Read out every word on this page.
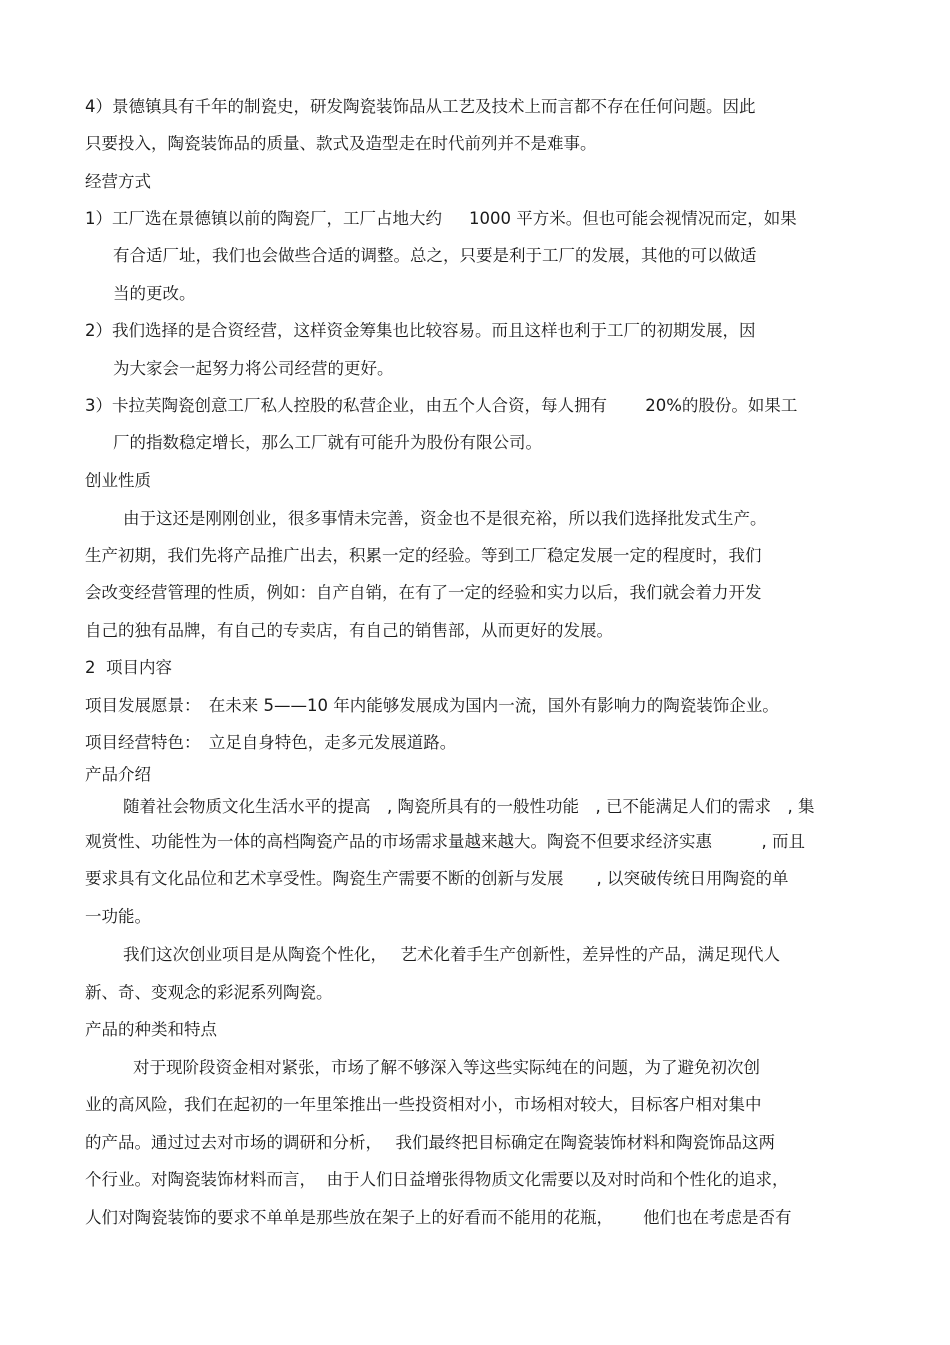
4）景德镇具有千年的制瓷史，研发陶瓷装饰品从工艺及技术上而言都不存在任何问题。因此
只要投入，陶瓷装饰品的质量、款式及造型走在时代前列并不是难事。
经营方式
1）工厂选在景德镇以前的陶瓷厂，工厂占地大约　  1000 平方米。但也可能会视情况而定，如果
有合适厂址，我们也会做些合适的调整。总之，只要是利于工厂的发展，其他的可以做适
当的更改。
2）我们选择的是合资经营，这样资金筹集也比较容易。而且这样也利于工厂的初期发展，因
为大家会一起努力将公司经营的更好。
3）卡拉芙陶瓷创意工厂私人控股的私营企业，由五个人合资，每人拥有　　 20%的股份。如果工
厂的指数稳定增长，那么工厂就有可能升为股份有限公司。
创业性质
由于这还是刚刚创业，很多事情未完善，资金也不是很充裕，所以我们选择批发式生产。
生产初期，我们先将产品推广出去，积累一定的经验。等到工厂稳定发展一定的程度时，我们
会改变经营管理的性质，例如：自产自销，在有了一定的经验和实力以后，我们就会着力开发
自己的独有品牌，有自己的专卖店，有自己的销售部，从而更好的发展。
2  项目内容
项目发展愿景：　在未来 5——10 年内能够发展成为国内一流，国外有影响力的陶瓷装饰企业。
项目经营特色：　立足自身特色，走多元发展道路。
产品介绍
随着社会物质文化生活水平的提高　, 陶瓷所具有的一般性功能　, 已不能满足人们的需求　, 集
观赏性、功能性为一体的高档陶瓷产品的市场需求量越来越大。陶瓷不但要求经济实惠　　　, 而且
要求具有文化品位和艺术享受性。陶瓷生产需要不断的创新与发展　　, 以突破传统日用陶瓷的单
一功能。
我们这次创业项目是从陶瓷个性化，　 艺术化着手生产创新性，差异性的产品，满足现代人
新、奇、变观念的彩泥系列陶瓷。
产品的种类和特点
对于现阶段资金相对紧张，市场了解不够深入等这些实际纯在的问题，为了避免初次创
业的高风险，我们在起初的一年里笨推出一些投资相对小，市场相对较大，目标客户相对集中
的产品。通过过去对市场的调研和分析，　 我们最终把目标确定在陶瓷装饰材料和陶瓷饰品这两
个行业。对陶瓷装饰材料而言，  由于人们日益增张得物质文化需要以及对时尚和个性化的追求，
人们对陶瓷装饰的要求不单单是那些放在架子上的好看而不能用的花瓶，　　 他们也在考虑是否有
